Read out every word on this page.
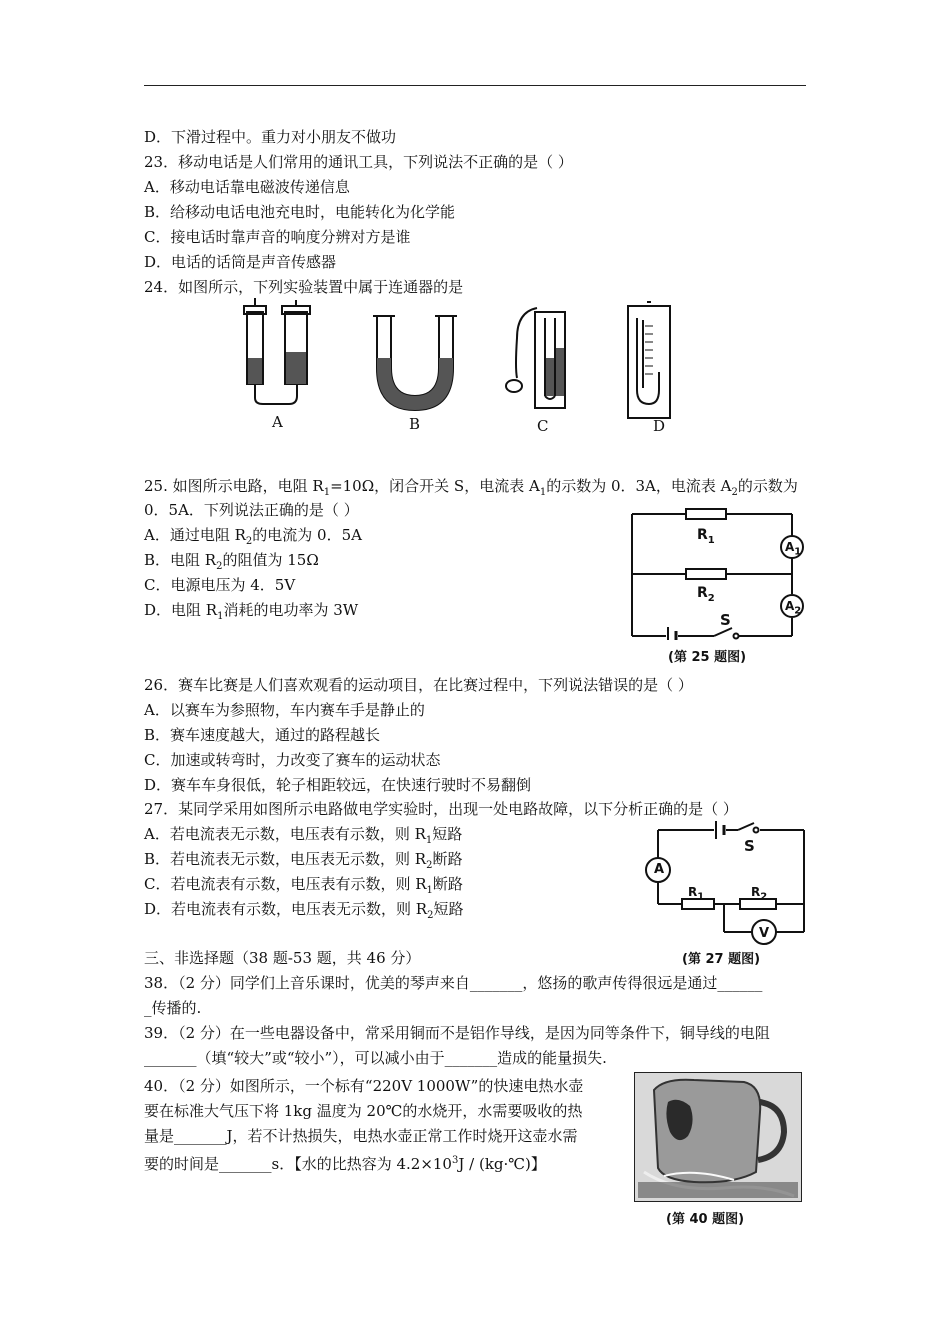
D．下滑过程中。重力对小朋友不做功
23．移动电话是人们常用的通讯工具，下列说法不正确的是（ ）
A．移动电话靠电磁波传递信息
B．给移动电话电池充电时，电能转化为化学能
C．接电话时靠声音的响度分辨对方是谁
D．电话的话筒是声音传感器
24．如图所示，下列实验装置中属于连通器的是
A	B	C	D
25. 如图所示电路，电阻 $R_1=10\Omega$，闭合开关 S，电流表 $A_1$的示数为 0．3A，电流表 $A_2$的示数为
0．5A．下列说法正确的是（ ）
A．通过电阻 $R_2$的电流为 0．5A
B．电阻 $R_2$的阻值为 15Ω
C．电源电压为 4．5V
D．电阻 $R_1$消耗的电功率为 3W
$R_1$
$R_2$
$A_1$
$A_2$
S
(第 25 题图)
26．赛车比赛是人们喜欢观看的运动项目，在比赛过程中，下列说法错误的是（ ）
A．以赛车为参照物，车内赛车手是静止的
B．赛车速度越大，通过的路程越长
C．加速或转弯时，力改变了赛车的运动状态
D．赛车车身很低，轮子相距较远，在快速行驶时不易翻倒
27．某同学采用如图所示电路做电学实验时，出现一处电路故障，以下分析正确的是（ ）
A．若电流表无示数，电压表有示数，则 $R_1$短路
B．若电流表无示数，电压表无示数，则 $R_2$断路
C．若电流表有示数，电压表有示数，则 $R_1$断路
D．若电流表有示数，电压表无示数，则 $R_2$短路
A
S
$R_1$	$R_2$
V
(第 27 题图)
三、非选择题（38 题-53 题，共 46 分）
38．（2 分）同学们上音乐课时，优美的琴声来自_______，悠扬的歌声传得很远是通过______
_传播的.
39．（2 分）在一些电器设备中，常采用铜而不是铝作导线，是因为同等条件下，铜导线的电阻
_______（填“较大”或“较小”），可以减小由于_______造成的能量损失.
40．（2 分）如图所示，一个标有“220V 1000W”的快速电热水壶
要在标准大气压下将 1kg 温度为 20℃的水烧开，水需要吸收的热
量是_______J，若不计热损失，电热水壶正常工作时烧开这壶水需
要的时间是_______s．【水的比热容为 $4.2\times 10^3J$ / (kg·℃)】
(第 40 题图)
